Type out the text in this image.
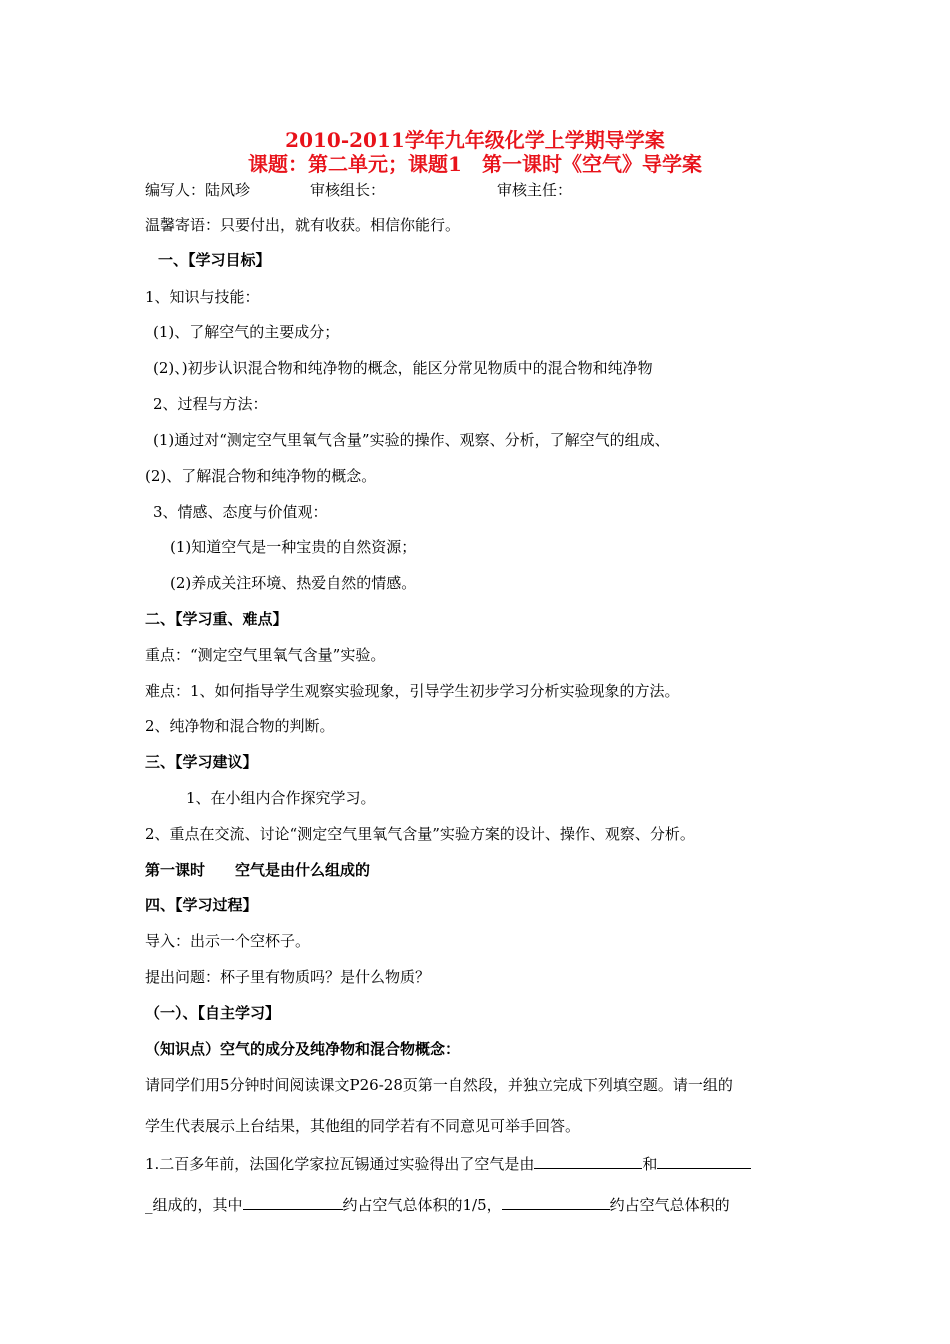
2010-2011学年九年级化学上学期导学案
课题：第二单元；课题1　第一课时《空气》导学案
编写人：陆风珍	审核组长：	审核主任：
温馨寄语：只要付出，就有收获。相信你能行。
一、【学习目标】
1、知识与技能：
(1)、了解空气的主要成分；
(2)、)初步认识混合物和纯净物的概念，能区分常见物质中的混合物和纯净物
2、过程与方法：
(1)通过对“测定空气里氧气含量”实验的操作、观察、分析，了解空气的组成、
(2)、了解混合物和纯净物的概念。
3、情感、态度与价值观：
(1)知道空气是一种宝贵的自然资源；
(2)养成关注环境、热爱自然的情感。
二、【学习重、难点】
重点：“测定空气里氧气含量”实验。
难点：1、如何指导学生观察实验现象，引导学生初步学习分析实验现象的方法。
2、纯净物和混合物的判断。
三、【学习建议】
1、在小组内合作探究学习。
2、重点在交流、讨论“测定空气里氧气含量”实验方案的设计、操作、观察、分析。
第一课时　　空气是由什么组成的
四、【学习过程】
导入：出示一个空杯子。
提出问题：杯子里有物质吗？是什么物质？
（一）、【自主学习】
（知识点）空气的成分及纯净物和混合物概念：
请同学们用5分钟时间阅读课文P26-28页第一自然段，并独立完成下列填空题。请一组的
学生代表展示上台结果，其他组的同学若有不同意见可举手回答。
1.二百多年前，法国化学家拉瓦锡通过实验得出了空气是由	和
_组成的，其中	约占空气总体积的1/5，	约占空气总体积的
